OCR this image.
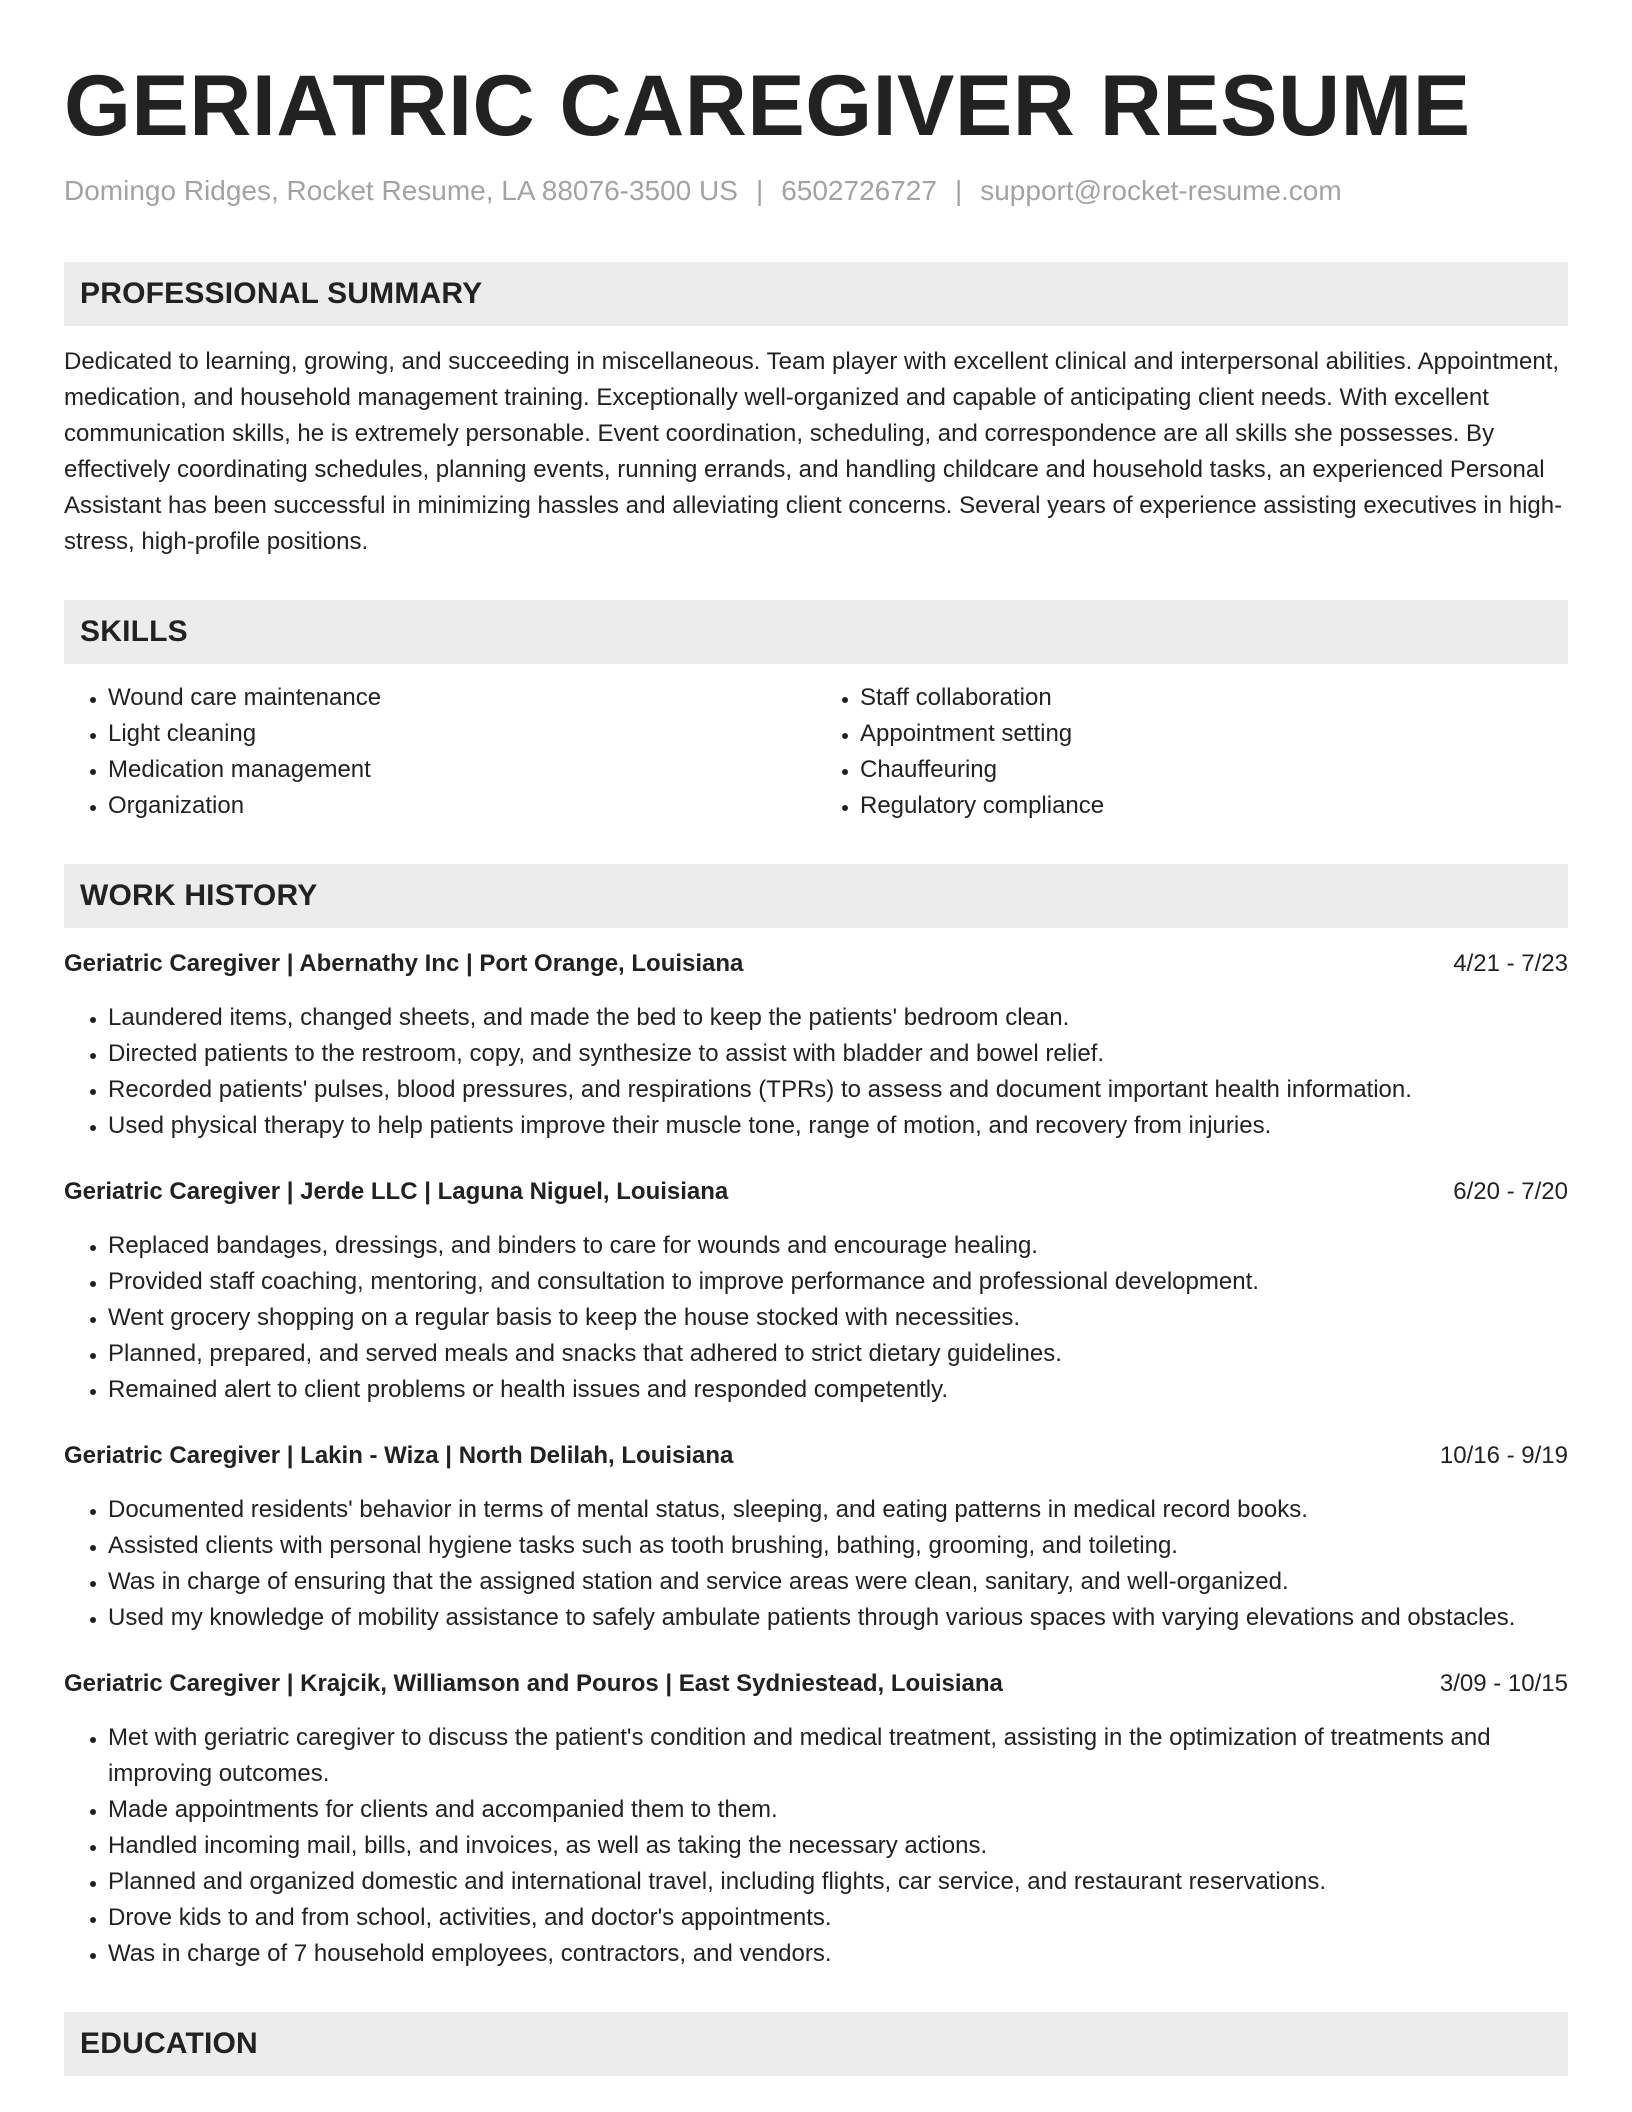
GERIATRIC CAREGIVER RESUME
Domingo Ridges, Rocket Resume, LA 88076-3500 US | 6502726727 | support@rocket-resume.com
PROFESSIONAL SUMMARY

Dedicated to learning, growing, and succeeding in miscellaneous. Team player with excellent clinical and interpersonal abilities. Appointment, medication, and household management training. Exceptionally well-organized and capable of anticipating client needs. With excellent communication skills, he is extremely personable. Event coordination, scheduling, and correspondence are all skills she possesses. By effectively coordinating schedules, planning events, running errands, and handling childcare and household tasks, an experienced Personal Assistant has been successful in minimizing hassles and alleviating client concerns. Several years of experience assisting executives in high-stress, high-profile positions.

SKILLS
• Wound care maintenance
• Light cleaning
• Medication management
• Organization
• Staff collaboration
• Appointment setting
• Chauffeuring
• Regulatory compliance
WORK HISTORY
Geriatric Caregiver | Abernathy Inc | Port Orange, Louisiana	4/21 - 7/23
• Laundered items, changed sheets, and made the bed to keep the patients' bedroom clean.
• Directed patients to the restroom, copy, and synthesize to assist with bladder and bowel relief.
• Recorded patients' pulses, blood pressures, and respirations (TPRs) to assess and document important health information.
• Used physical therapy to help patients improve their muscle tone, range of motion, and recovery from injuries.
Geriatric Caregiver | Jerde LLC | Laguna Niguel, Louisiana	6/20 - 7/20
• Replaced bandages, dressings, and binders to care for wounds and encourage healing.
• Provided staff coaching, mentoring, and consultation to improve performance and professional development.
• Went grocery shopping on a regular basis to keep the house stocked with necessities.
• Planned, prepared, and served meals and snacks that adhered to strict dietary guidelines.
• Remained alert to client problems or health issues and responded competently.
Geriatric Caregiver | Lakin - Wiza | North Delilah, Louisiana	10/16 - 9/19
• Documented residents' behavior in terms of mental status, sleeping, and eating patterns in medical record books.
• Assisted clients with personal hygiene tasks such as tooth brushing, bathing, grooming, and toileting.
• Was in charge of ensuring that the assigned station and service areas were clean, sanitary, and well-organized.
• Used my knowledge of mobility assistance to safely ambulate patients through various spaces with varying elevations and obstacles.
Geriatric Caregiver | Krajcik, Williamson and Pouros | East Sydniestead, Louisiana	3/09 - 10/15
• Met with geriatric caregiver to discuss the patient's condition and medical treatment, assisting in the optimization of treatments and improving outcomes.
• Made appointments for clients and accompanied them to them.
• Handled incoming mail, bills, and invoices, as well as taking the necessary actions.
• Planned and organized domestic and international travel, including flights, car service, and restaurant reservations.
• Drove kids to and from school, activities, and doctor's appointments.
• Was in charge of 7 household employees, contractors, and vendors.
EDUCATION
